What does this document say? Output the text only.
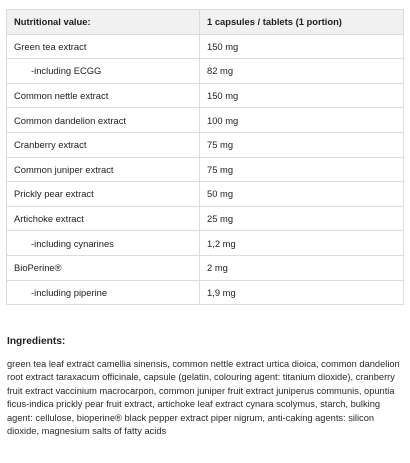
Nutritional value:	1 capsules / tablets (1 portion)
Green tea extract	150 mg
-including ECGG	82 mg
Common nettle extract	150 mg
Common dandelion extract	100 mg
Cranberry extract	75 mg
Common juniper extract	75 mg
Prickly pear extract	50 mg
Artichoke extract	25 mg
-including cynarines	1,2 mg
BioPerine®	2 mg
-including piperine	1,9 mg
Ingredients:
green tea leaf extract camellia sinensis, common nettle extract urtica dioica, common dandelion root extract taraxacum officinale, capsule (gelatin, colouring agent: titanium dioxide), cranberry fruit extract vaccinium macrocarpon, common juniper fruit extract juniperus communis, opuntia ficus-indica prickly pear fruit extract, artichoke leaf extract cynara scolymus, starch, bulking agent: cellulose, bioperine® black pepper extract piper nigrum, anti-caking agents: silicon dioxide, magnesium salts of fatty acids
